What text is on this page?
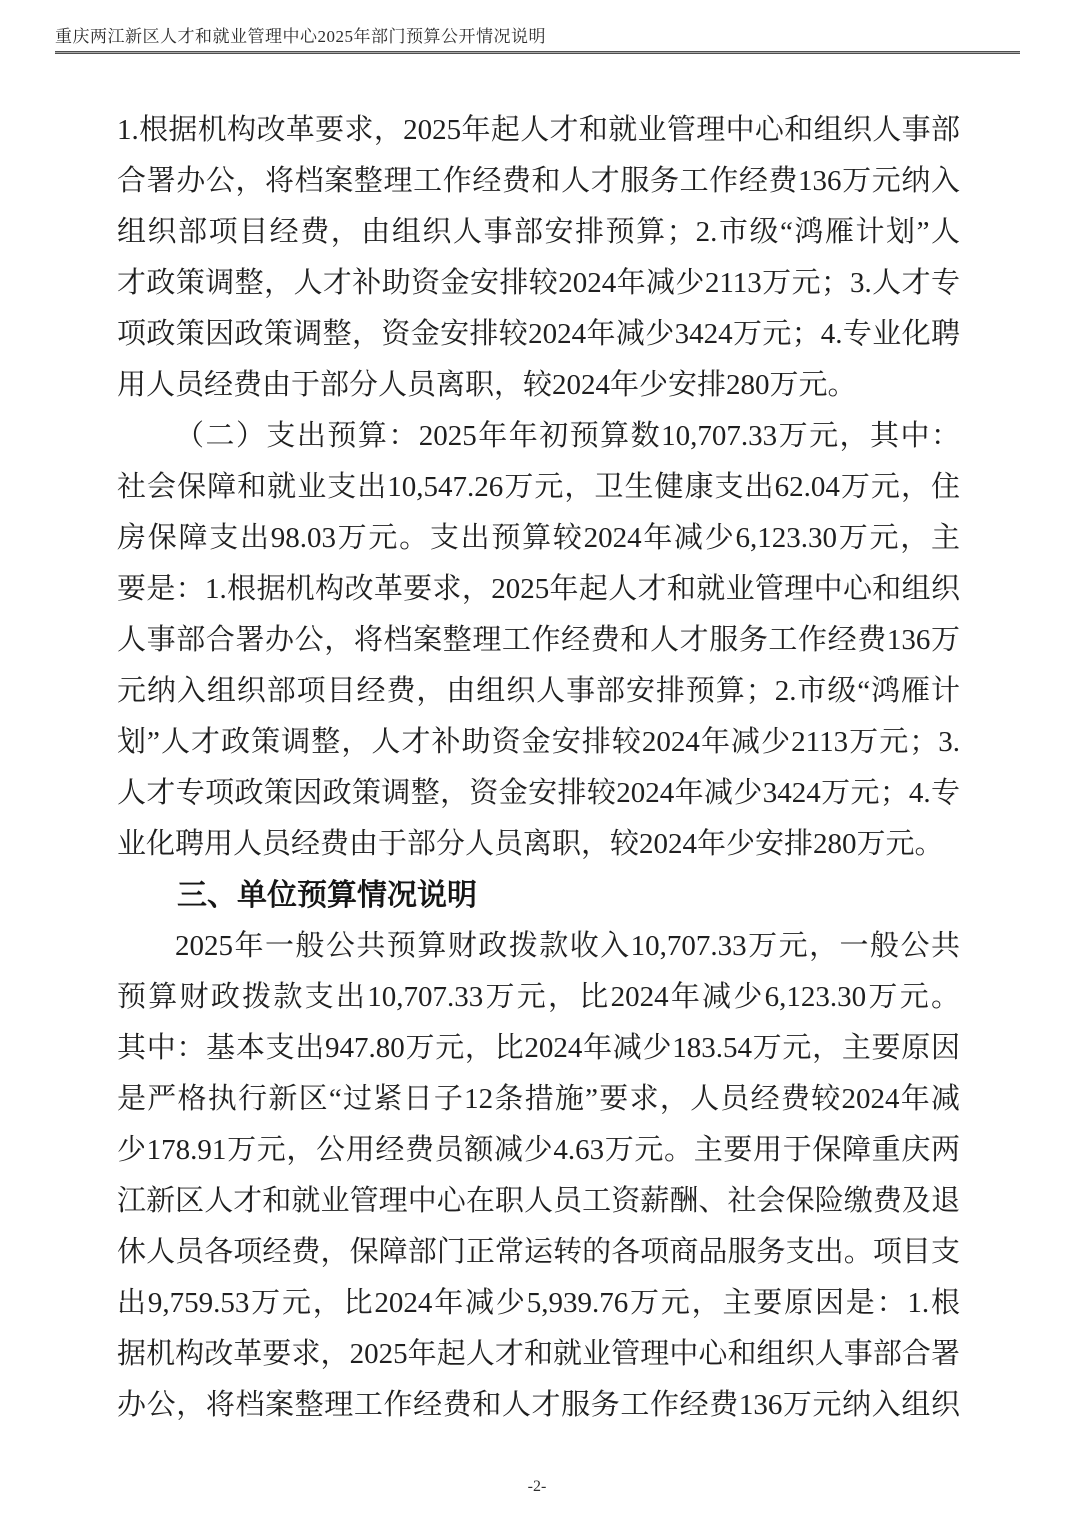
重庆两江新区人才和就业管理中心2025年部门预算公开情况说明
1.根据机构改革要求，2025年起人才和就业管理中心和组织人事部
合署办公，将档案整理工作经费和人才服务工作经费136万元纳入
组织部项目经费，由组织人事部安排预算；2.市级“鸿雁计划”人
才政策调整，人才补助资金安排较2024年减少2113万元；3.人才专
项政策因政策调整，资金安排较2024年减少3424万元；4.专业化聘
用人员经费由于部分人员离职，较2024年少安排280万元。
（二）支出预算：2025年年初预算数10,707.33万元，其中：
社会保障和就业支出10,547.26万元，卫生健康支出62.04万元，住
房保障支出98.03万元。支出预算较2024年减少6,123.30万元，主
要是：1.根据机构改革要求，2025年起人才和就业管理中心和组织
人事部合署办公，将档案整理工作经费和人才服务工作经费136万
元纳入组织部项目经费，由组织人事部安排预算；2.市级“鸿雁计
划”人才政策调整，人才补助资金安排较2024年减少2113万元；3.
人才专项政策因政策调整，资金安排较2024年减少3424万元；4.专
业化聘用人员经费由于部分人员离职，较2024年少安排280万元。
三、单位预算情况说明
2025年一般公共预算财政拨款收入10,707.33万元，一般公共
预算财政拨款支出10,707.33万元，比2024年减少6,123.30万元。
其中：基本支出947.80万元，比2024年减少183.54万元，主要原因
是严格执行新区“过紧日子12条措施”要求，人员经费较2024年减
少178.91万元，公用经费员额减少4.63万元。主要用于保障重庆两
江新区人才和就业管理中心在职人员工资薪酬、社会保险缴费及退
休人员各项经费，保障部门正常运转的各项商品服务支出。项目支
出9,759.53万元，比2024年减少5,939.76万元，主要原因是：1.根
据机构改革要求，2025年起人才和就业管理中心和组织人事部合署
办公，将档案整理工作经费和人才服务工作经费136万元纳入组织
-2-
